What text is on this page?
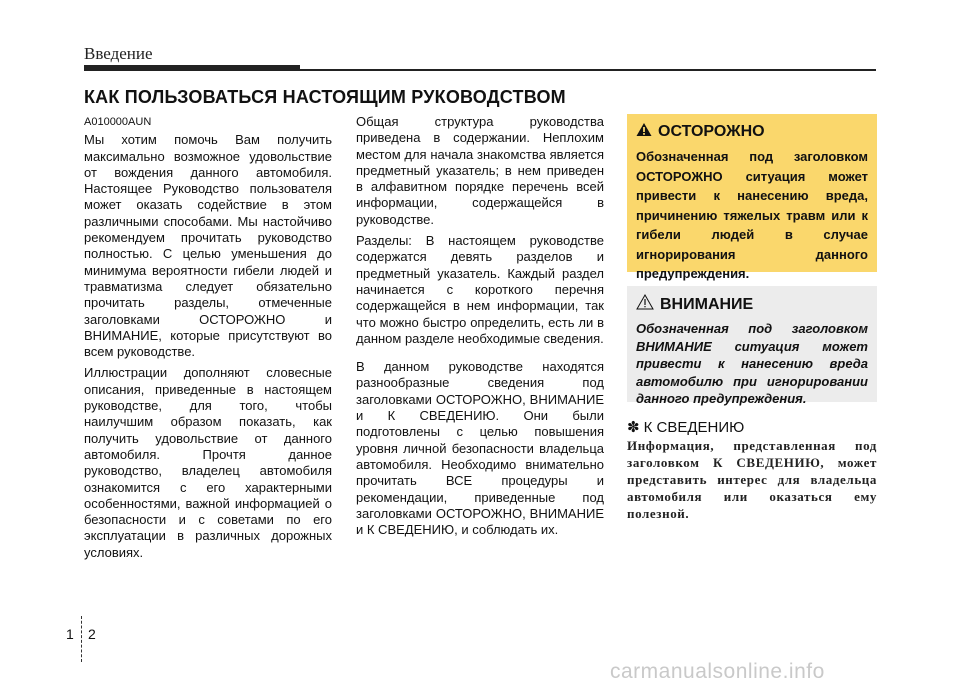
Введение
КАК ПОЛЬЗОВАТЬСЯ НАСТОЯЩИМ РУКОВОДСТВОМ

A010000AUN

Мы хотим помочь Вам получить максимально возможное удовольствие от вождения данного автомобиля. Настоящее Руководство пользователя может оказать содействие в этом различными способами. Мы настойчиво рекомендуем прочитать руководство полностью. С целью уменьшения до минимума вероятности гибели людей и травматизма следует обязательно прочитать разделы, отмеченные заголовками ОСТОРОЖНО и ВНИМАНИЕ, которые присутствуют во всем руководстве.

Иллюстрации дополняют словесные описания, приведенные в настоящем руководстве, для того, чтобы наилучшим образом показать, как получить удовольствие от данного автомобиля. Прочтя данное руководство, владелец автомобиля ознакомится с его характерными особенностями, важной информацией о безопасности и с советами по его эксплуатации в различных дорожных условиях.

Общая структура руководства приведена в содержании. Неплохим местом для начала знакомства является предметный указатель; в нем приведен в алфавитном порядке перечень всей информации, содержащейся в руководстве.

Разделы: В настоящем руководстве содержатся девять разделов и предметный указатель. Каждый раздел начинается с короткого перечня содержащейся в нем информации, так что можно быстро определить, есть ли в данном разделе необходимые сведения.

В данном руководстве находятся разнообразные сведения под заголовками ОСТОРОЖНО, ВНИМАНИЕ и К СВЕДЕНИЮ. Они были подготовлены с целью повышения уровня личной безопасности владельца автомобиля. Необходимо внимательно прочитать ВСЕ процедуры и рекомендации, приведенные под заголовками ОСТОРОЖНО, ВНИМАНИЕ и К СВЕДЕНИЮ, и соблюдать их.

ОСТОРОЖНО

Обозначенная под заголовком ОСТОРОЖНО ситуация может привести к нанесению вреда, причинению тяжелых травм или к гибели людей в случае игнорирования данного предупреждения.

ВНИМАНИЕ

Обозначенная под заголовком ВНИМАНИЕ ситуация может привести к нанесению вреда автомобилю при игнорировании данного предупреждения.

✽ К СВЕДЕНИЮ

Информация, представленная под заголовком К СВЕДЕНИЮ, может представить интерес для владельца автомобиля или оказаться ему полезной.

1 2
carmanualsonline.info
